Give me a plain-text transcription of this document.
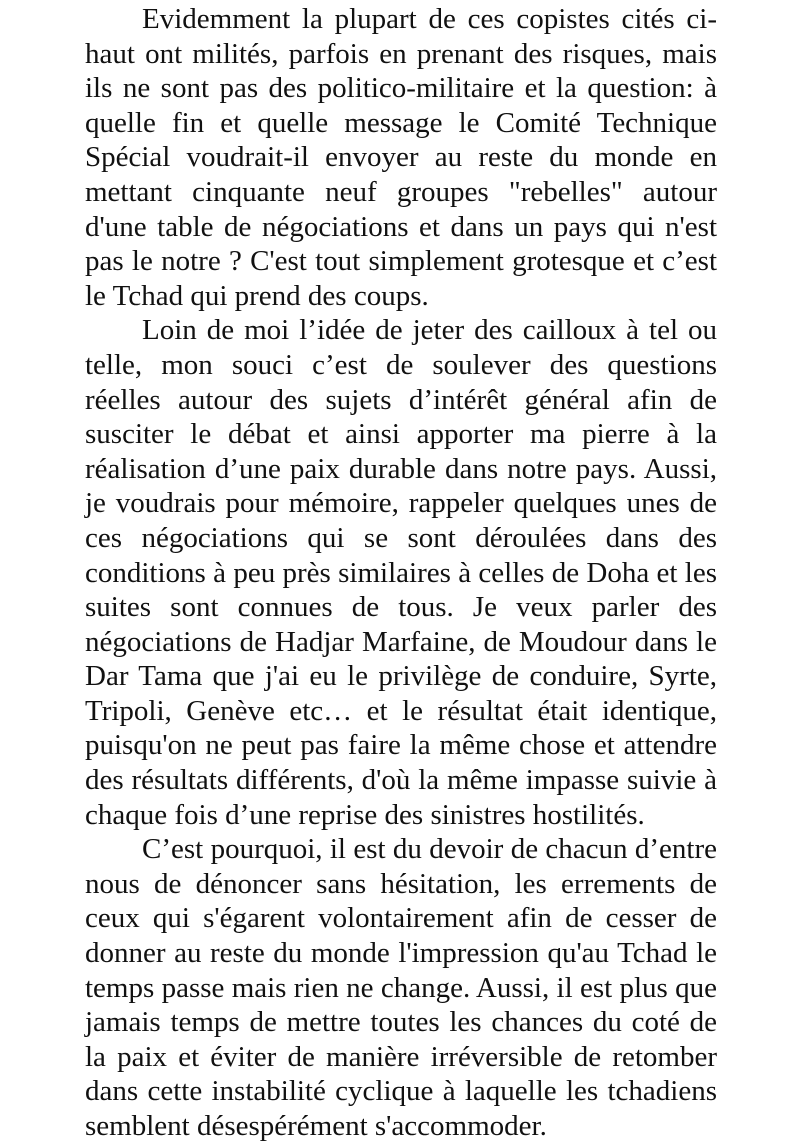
Evidemment la plupart de ces copistes cités ci-haut ont milités, parfois en prenant des risques, mais ils ne sont pas des politico-militaire et la question: à quelle fin et quelle message le Comité Technique Spécial voudrait-il envoyer au reste du monde en mettant cinquante neuf groupes "rebelles" autour d'une table de négociations et dans un pays qui n'est pas le notre ? C'est tout simplement grotesque et c’est le Tchad qui prend des coups.

Loin de moi l’idée de jeter des cailloux à tel ou telle, mon souci c’est de soulever des questions réelles autour des sujets d’intérêt général afin de susciter le débat et ainsi apporter ma pierre à la réalisation d’une paix durable dans notre pays. Aussi, je voudrais pour mémoire, rappeler quelques unes de ces négociations qui se sont déroulées dans des conditions à peu près similaires à celles de Doha et les suites sont connues de tous. Je veux parler des négociations de Hadjar Marfaine, de Moudour dans le Dar Tama que j'ai eu le privilège de conduire, Syrte, Tripoli, Genève etc… et le résultat était identique, puisqu'on ne peut pas faire la même chose et attendre des résultats différents, d'où la même impasse suivie à chaque fois d’une reprise des sinistres hostilités.

C’est pourquoi, il est du devoir de chacun d’entre nous de dénoncer sans hésitation, les errements de ceux qui s'égarent volontairement afin de cesser de donner au reste du monde l'impression qu'au Tchad le temps passe mais rien ne change. Aussi, il est plus que jamais temps de mettre toutes les chances du coté de la paix et éviter de manière irréversible de retomber dans cette instabilité cyclique à laquelle les tchadiens semblent désespérément s'accommoder.
